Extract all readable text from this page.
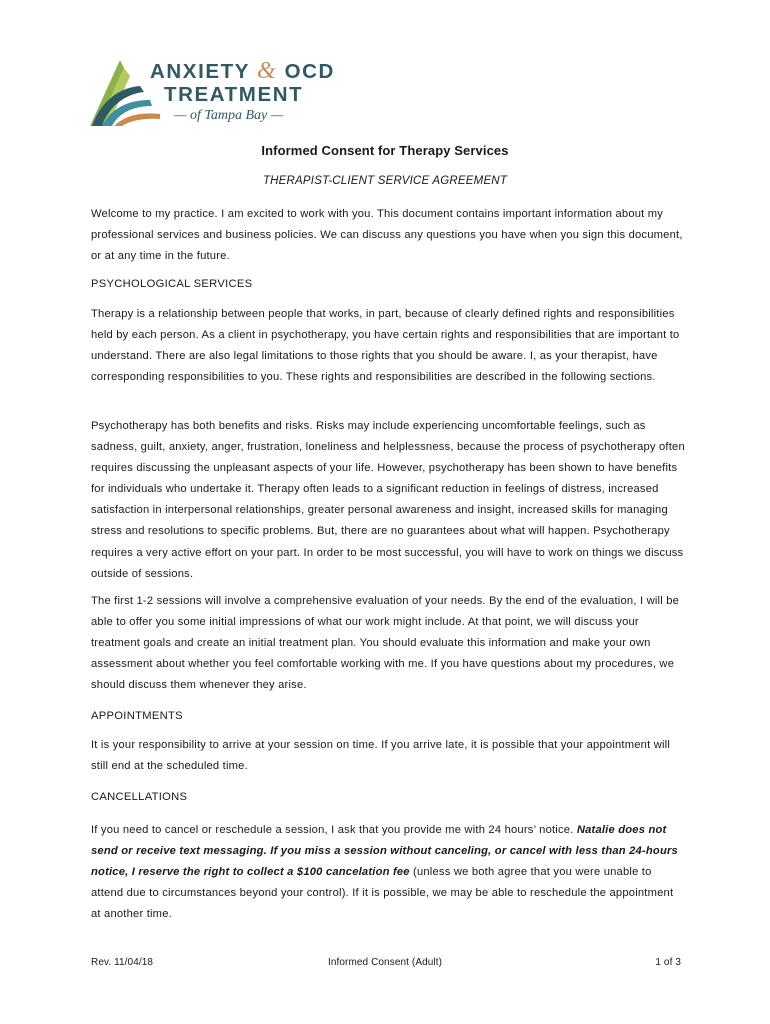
ANXIETY & OCD
TREATMENT
— of Tampa Bay —
Informed Consent for Therapy Services
THERAPIST-CLIENT SERVICE AGREEMENT
Welcome to my practice. I am excited to work with you. This document contains important information about my professional services and business policies. We can discuss any questions you have when you sign this document, or at any time in the future.
PSYCHOLOGICAL SERVICES
Therapy is a relationship between people that works, in part, because of clearly defined rights and responsibilities held by each person. As a client in psychotherapy, you have certain rights and responsibilities that are important to understand. There are also legal limitations to those rights that you should be aware. I, as your therapist, have corresponding responsibilities to you. These rights and responsibilities are described in the following sections.
Psychotherapy has both benefits and risks. Risks may include experiencing uncomfortable feelings, such as sadness, guilt, anxiety, anger, frustration, loneliness and helplessness, because the process of psychotherapy often requires discussing the unpleasant aspects of your life. However, psychotherapy has been shown to have benefits for individuals who undertake it. Therapy often leads to a significant reduction in feelings of distress, increased satisfaction in interpersonal relationships, greater personal awareness and insight, increased skills for managing stress and resolutions to specific problems. But, there are no guarantees about what will happen. Psychotherapy requires a very active effort on your part. In order to be most successful, you will have to work on things we discuss outside of sessions.
The first 1-2 sessions will involve a comprehensive evaluation of your needs. By the end of the evaluation, I will be able to offer you some initial impressions of what our work might include. At that point, we will discuss your treatment goals and create an initial treatment plan. You should evaluate this information and make your own assessment about whether you feel comfortable working with me. If you have questions about my procedures, we should discuss them whenever they arise.
APPOINTMENTS
It is your responsibility to arrive at your session on time. If you arrive late, it is possible that your appointment will still end at the scheduled time.
CANCELLATIONS
If you need to cancel or reschedule a session, I ask that you provide me with 24 hours’ notice. Natalie does not send or receive text messaging. If you miss a session without canceling, or cancel with less than 24-hours notice, I reserve the right to collect a $100 cancelation fee (unless we both agree that you were unable to attend due to circumstances beyond your control). If it is possible, we may be able to reschedule the appointment at another time.
Rev. 11/04/18	Informed Consent (Adult)	1 of 3
